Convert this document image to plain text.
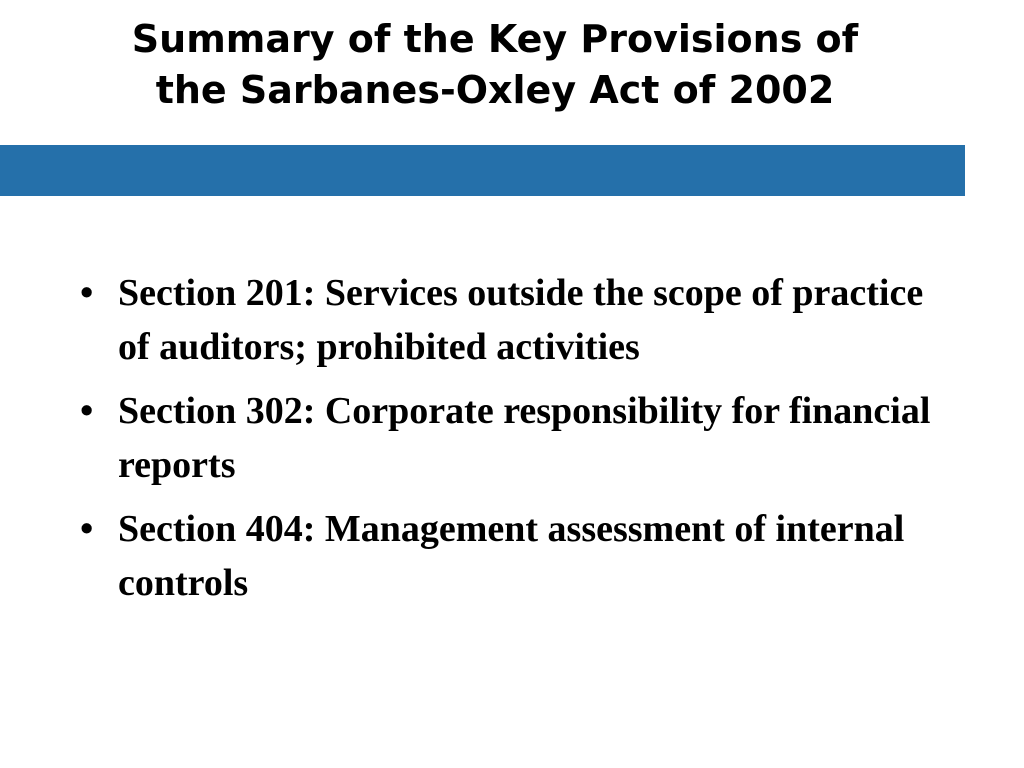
Summary of the Key Provisions of
the Sarbanes-Oxley Act of 2002
• Section 201: Services outside the scope of practice of auditors; prohibited activities
• Section 302: Corporate responsibility for financial reports
• Section 404: Management assessment of internal controls
